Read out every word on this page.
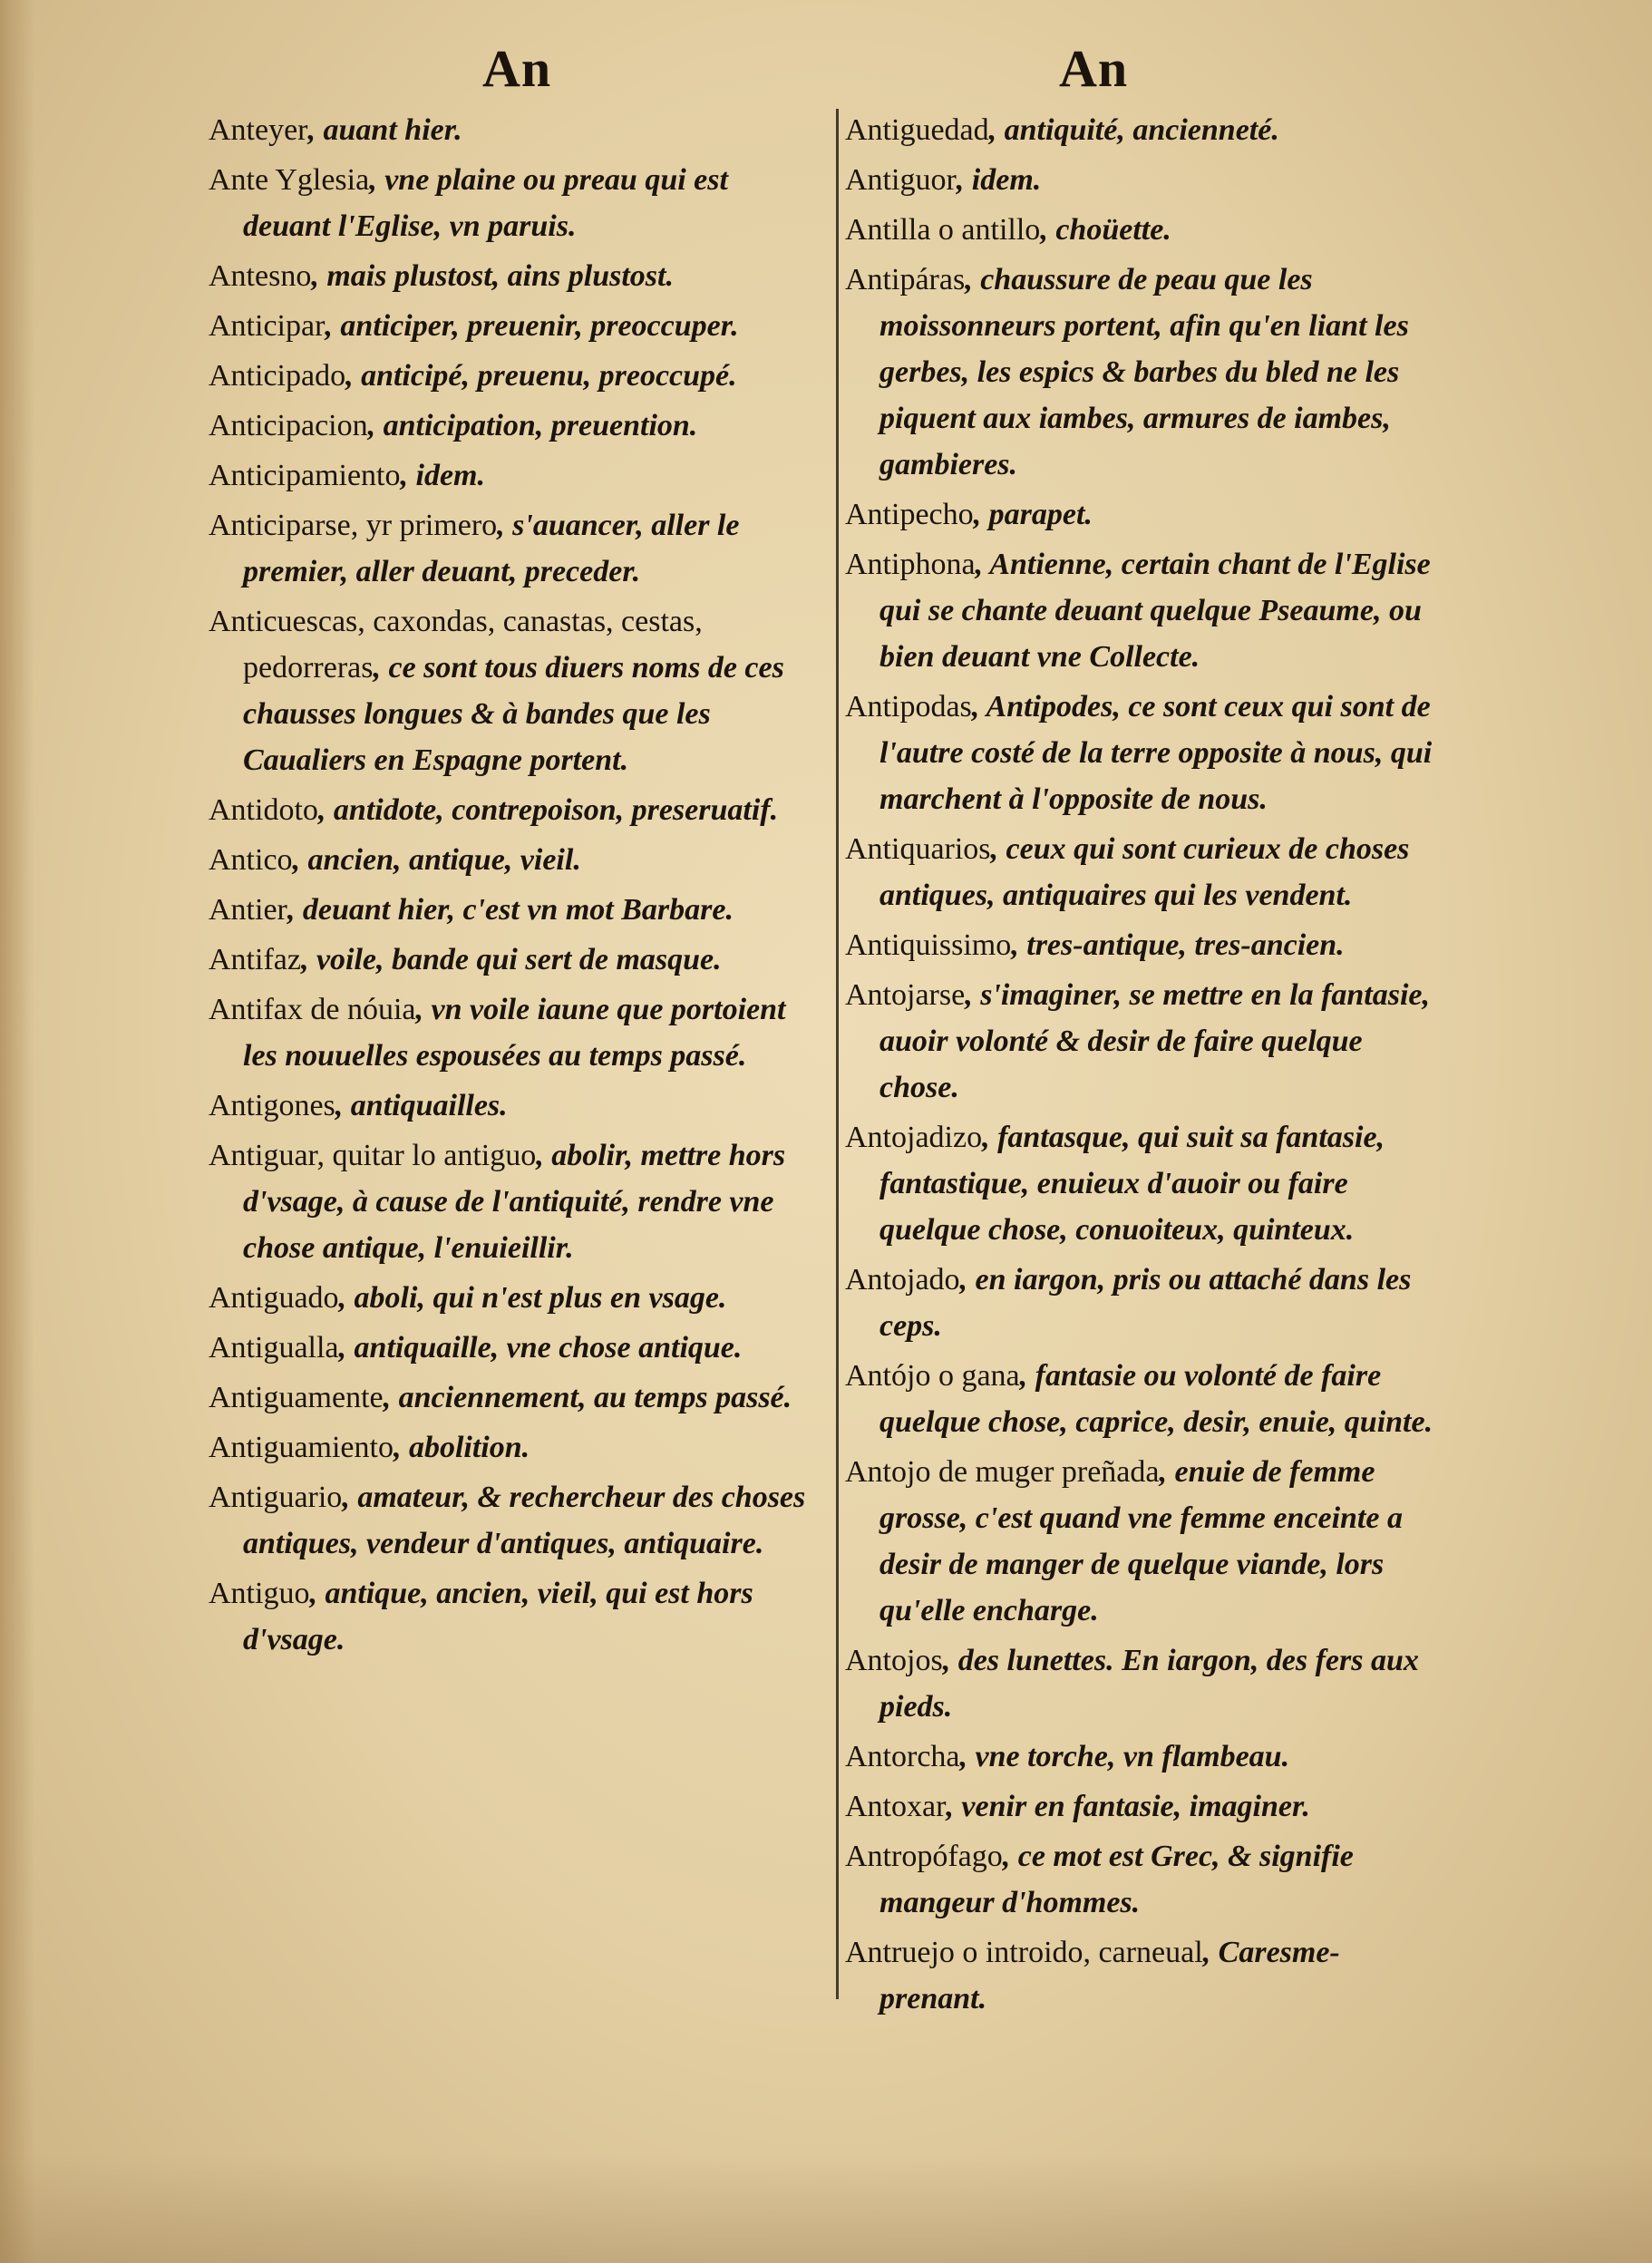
An	An
Anteyer, auant hier.
Ante Yglesia, vne plaine ou preau qui est deuant l'Eglise, vn paruis.
Antesno, mais plustost, ains plustost.
Anticipar, anticiper, preuenir, preoccuper.
Anticipado, anticipé, preuenu, preoccupé.
Anticipacion, anticipation, preuention.
Anticipamiento, idem.
Anticiparse, yr primero, s'auancer, aller le premier, aller deuant, preceder.
Anticuescas, caxondas, canastas, cestas, pedorreras, ce sont tous diuers noms de ces chausses longues & à bandes que les Caualiers en Espagne portent.
Antidoto, antidote, contrepoison, preseruatif.
Antico, ancien, antique, vieil.
Antier, deuant hier, c'est vn mot Barbare.
Antifaz, voile, bande qui sert de masque.
Antifax de nóuia, vn voile iaune que portoient les nouuelles espousées au temps passé.
Antigones, antiquailles.
Antiguar, quitar lo antiguo, abolir, mettre hors d'vsage, à cause de l'antiquité, rendre vne chose antique, l'enuieillir.
Antiguado, aboli, qui n'est plus en vsage.
Antigualla, antiquaille, vne chose antique.
Antiguamente, anciennement, au temps passé.
Antiguamiento, abolition.
Antiguario, amateur, & rechercheur des choses antiques, vendeur d'antiques, antiquaire.
Antiguo, antique, ancien, vieil, qui est hors d'vsage.
Antiguedad, antiquité, ancienneté.
Antiguor, idem.
Antilla o antillo, choüette.
Antipáras, chaussure de peau que les moissonneurs portent, afin qu'en liant les gerbes, les espics & barbes du bled ne les piquent aux iambes, armures de iambes, gambieres.
Antipecho, parapet.
Antiphona, Antienne, certain chant de l'Eglise qui se chante deuant quelque Pseaume, ou bien deuant vne Collecte.
Antipodas, Antipodes, ce sont ceux qui sont de l'autre costé de la terre opposite à nous, qui marchent à l'opposite de nous.
Antiquarios, ceux qui sont curieux de choses antiques, antiquaires qui les vendent.
Antiquissimo, tres-antique, tres-ancien.
Antojarse, s'imaginer, se mettre en la fantasie, auoir volonté & desir de faire quelque chose.
Antojadizo, fantasque, qui suit sa fantasie, fantastique, enuieux d'auoir ou faire quelque chose, conuoiteux, quinteux.
Antojado, en iargon, pris ou attaché dans les ceps.
Antójo o gana, fantasie ou volonté de faire quelque chose, caprice, desir, enuie, quinte.
Antojo de muger preñada, enuie de femme grosse, c'est quand vne femme enceinte a desir de manger de quelque viande, lors qu'elle encharge.
Antojos, des lunettes. En iargon, des fers aux pieds.
Antorcha, vne torche, vn flambeau.
Antoxar, venir en fantasie, imaginer.
Antropófago, ce mot est Grec, & signifie mangeur d'hommes.
Antruejo o introido, carneual, Caresme-prenant.
